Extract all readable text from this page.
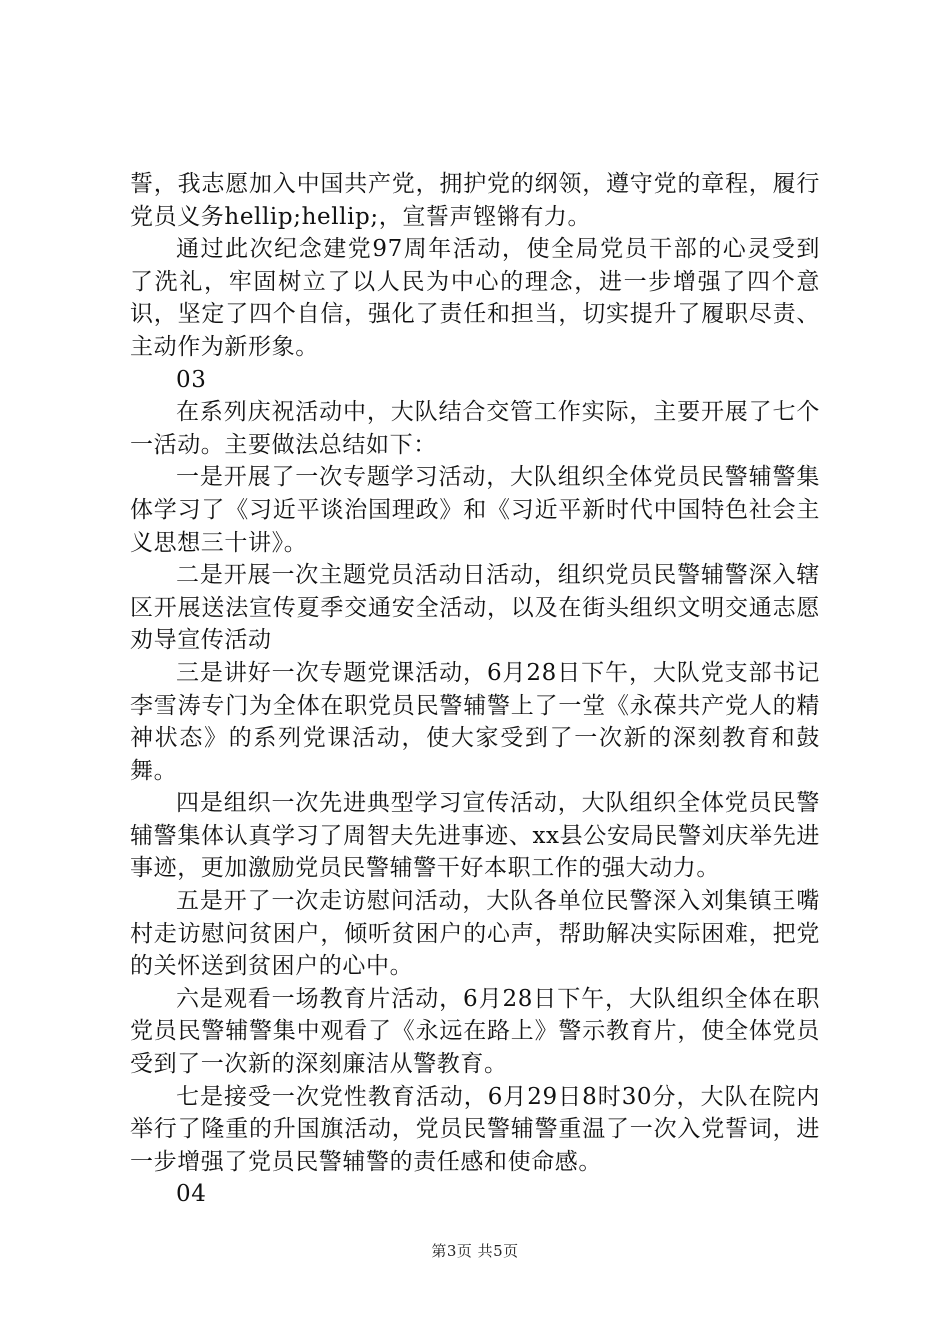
誓，我志愿加入中国共产党，拥护党的纲领，遵守党的章程，履行党员义务hellip;hellip;，宣誓声铿锵有力。

通过此次纪念建党97周年活动，使全局党员干部的心灵受到了洗礼，牢固树立了以人民为中心的理念，进一步增强了四个意识，坚定了四个自信，强化了责任和担当，切实提升了履职尽责、主动作为新形象。

03

在系列庆祝活动中，大队结合交管工作实际，主要开展了七个一活动。主要做法总结如下：

一是开展了一次专题学习活动，大队组织全体党员民警辅警集体学习了《习近平谈治国理政》和《习近平新时代中国特色社会主义思想三十讲》。

二是开展一次主题党员活动日活动，组织党员民警辅警深入辖区开展送法宣传夏季交通安全活动，以及在街头组织文明交通志愿劝导宣传活动

三是讲好一次专题党课活动，6月28日下午，大队党支部书记李雪涛专门为全体在职党员民警辅警上了一堂《永葆共产党人的精神状态》的系列党课活动，使大家受到了一次新的深刻教育和鼓舞。

四是组织一次先进典型学习宣传活动，大队组织全体党员民警辅警集体认真学习了周智夫先进事迹、xx县公安局民警刘庆举先进事迹，更加激励党员民警辅警干好本职工作的强大动力。

五是开了一次走访慰问活动，大队各单位民警深入刘集镇王嘴村走访慰问贫困户，倾听贫困户的心声，帮助解决实际困难，把党的关怀送到贫困户的心中。

六是观看一场教育片活动，6月28日下午，大队组织全体在职党员民警辅警集中观看了《永远在路上》警示教育片，使全体党员受到了一次新的深刻廉洁从警教育。

七是接受一次党性教育活动，6月29日8时30分，大队在院内举行了隆重的升国旗活动，党员民警辅警重温了一次入党誓词，进一步增强了党员民警辅警的责任感和使命感。

04

第3页 共5页
